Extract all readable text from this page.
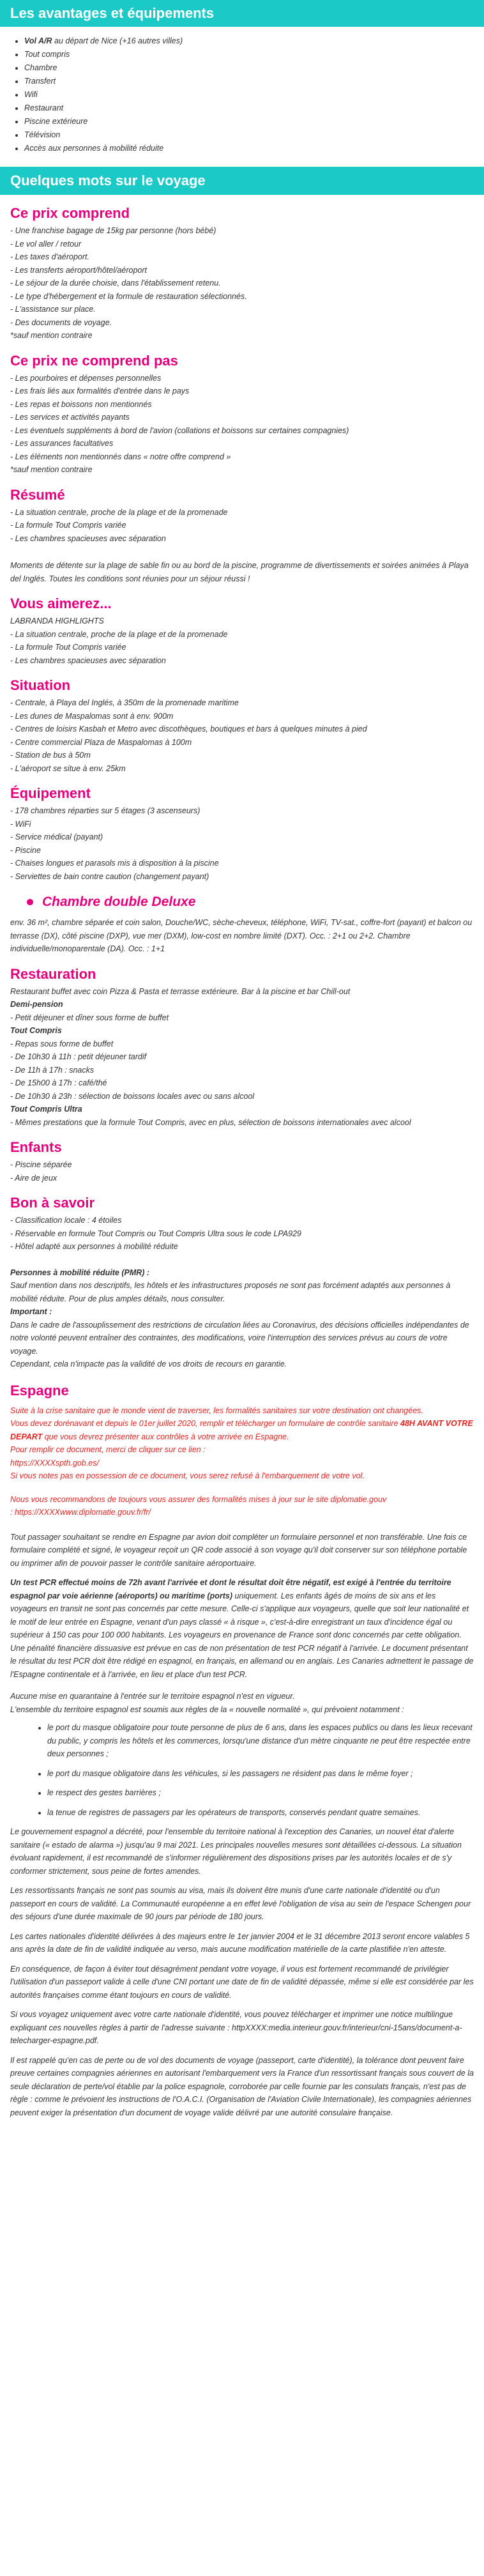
Les avantages et équipements
• Vol A/R au départ de Nice (+16 autres villes)
• Tout compris
• Chambre
• Transfert
• Wifi
• Restaurant
• Piscine extérieure
• Télévision
• Accès aux personnes à mobilité réduite
Quelques mots sur le voyage
Ce prix comprend

- Une franchise bagage de 15kg par personne (hors bébé)

- Le vol aller / retour

- Les taxes d'aéroport.

- Les transferts aéroport/hôtel/aéroport

- Le séjour de la durée choisie, dans l'établissement retenu.

- Le type d'hébergement et la formule de restauration sélectionnés.

- L'assistance sur place.

- Des documents de voyage.

*sauf mention contraire

Ce prix ne comprend pas

- Les pourboires et dépenses personnelles

- Les frais liés aux formalités d'entrée dans le pays

- Les repas et boissons non mentionnés

- Les services et activités payants

- Les éventuels suppléments à bord de l'avion (collations et boissons sur certaines compagnies)

- Les assurances facultatives

- Les éléments non mentionnés dans « notre offre comprend »

*sauf mention contraire

Résumé

- La situation centrale, proche de la plage et de la promenade

- La formule Tout Compris variée

- Les chambres spacieuses avec séparation

Moments de détente sur la plage de sable fin ou au bord de la piscine, programme de divertissements et soirées animées à Playa del Inglés. Toutes les conditions sont réunies pour un séjour réussi !

Vous aimerez...

LABRANDA HIGHLIGHTS

- La situation centrale, proche de la plage et de la promenade

- La formule Tout Compris variée

- Les chambres spacieuses avec séparation

Situation

- Centrale, à Playa del Inglés, à 350m de la promenade maritime

- Les dunes de Maspalomas sont à env. 900m

- Centres de loisirs Kasbah et Metro avec discothèques, boutiques et bars à quelques minutes à pied

- Centre commercial Plaza de Maspalomas à 100m

- Station de bus à 50m

- L'aéroport se situe à env. 25km

Équipement

- 178 chambres réparties sur 5 étages (3 ascenseurs)

- WiFi

- Service médical (payant)

- Piscine

- Chaises longues et parasols mis à disposition à la piscine

- Serviettes de bain contre caution (changement payant)

Chambre double Deluxe

env. 36 m², chambre séparée et coin salon, Douche/WC, sèche-cheveux, téléphone, WiFi, TV-sat., coffre-fort (payant) et balcon ou terrasse (DX), côté piscine (DXP), vue mer (DXM), low-cost en nombre limité (DXT). Occ. : 2+1 ou 2+2. Chambre individuelle/monoparentale (DA). Occ. : 1+1

Restauration

Restaurant buffet avec coin Pizza & Pasta et terrasse extérieure. Bar à la piscine et bar Chill-out

Demi-pension

- Petit déjeuner et dîner sous forme de buffet

Tout Compris

- Repas sous forme de buffet

- De 10h30 à 11h : petit déjeuner tardif

- De 11h à 17h : snacks

- De 15h00 à 17h : café/thé

- De 10h30 à 23h : sélection de boissons locales avec ou sans alcool

Tout Compris Ultra

- Mêmes prestations que la formule Tout Compris, avec en plus, sélection de boissons internationales avec alcool

Enfants

- Piscine séparée

- Aire de jeux

Bon à savoir

- Classification locale : 4 étoiles

- Réservable en formule Tout Compris ou Tout Compris Ultra sous le code LPA929

- Hôtel adapté aux personnes à mobilité réduite

Personnes à mobilité réduite (PMR) :

Sauf mention dans nos descriptifs, les hôtels et les infrastructures proposés ne sont pas forcément adaptés aux personnes à mobilité réduite. Pour de plus amples détails, nous consulter.

Important :

Dans le cadre de l'assouplissement des restrictions de circulation liées au Coronavirus, des décisions officielles indépendantes de notre volonté peuvent entraîner des contraintes, des modifications, voire l'interruption des services prévus au cours de votre voyage.

Cependant, cela n'impacte pas la validité de vos droits de recours en garantie.

Espagne

Suite à la crise sanitaire que le monde vient de traverser, les formalités sanitaires sur votre destination ont changées.

Vous devez dorénavant et depuis le 01er juillet 2020, remplir et télécharger un formulaire de contrôle sanitaire 48H AVANT VOTRE DEPART que vous devrez présenter aux contrôles à votre arrivée en Espagne.

Pour remplir ce document, merci de cliquer sur ce lien :

https://XXXXspth.gob.es/

Si vous notes pas en possession de ce document, vous serez refusé à l'embarquement de votre vol.

Nous vous recommandons de toujours vous assurer des formalités mises à jour sur le site diplomatie.gouv

: https://XXXXwww.diplomatie.gouv.fr/fr/

Tout passager souhaitant se rendre en Espagne par avion doit compléter un formulaire personnel et non transférable. Une fois ce formulaire complété et signé, le voyageur reçoit un QR code associé à son voyage qu'il doit conserver sur son téléphone portable ou imprimer afin de pouvoir passer le contrôle sanitaire aéroportuaire.

Un test PCR effectué moins de 72h avant l'arrivée et dont le résultat doit être négatif, est exigé à l'entrée du territoire espagnol par voie aérienne (aéroports) ou maritime (ports) uniquement. Les enfants âgés de moins de six ans et les voyageurs en transit ne sont pas concernés par cette mesure. Celle-ci s'applique aux voyageurs, quelle que soit leur nationalité et le motif de leur entrée en Espagne, venant d'un pays classé « à risque », c'est-à-dire enregistrant un taux d'incidence égal ou supérieur à 150 cas pour 100 000 habitants. Les voyageurs en provenance de France sont donc concernés par cette obligation. Une pénalité financière dissuasive est prévue en cas de non présentation de test PCR négatif à l'arrivée. Le document présentant le résultat du test PCR doit être rédigé en espagnol, en français, en allemand ou en anglais. Les Canaries admettent le passage de l'Espagne continentale et à l'arrivée, en lieu et place d'un test PCR.

Aucune mise en quarantaine à l'entrée sur le territoire espagnol n'est en vigueur.

L'ensemble du territoire espagnol est soumis aux règles de la « nouvelle normalité », qui prévoient notamment :

• le port du masque obligatoire pour toute personne de plus de 6 ans, dans les espaces publics ou dans les lieux recevant du public, y compris les hôtels et les commerces, lorsqu'une distance d'un mètre cinquante ne peut être respectée entre deux personnes ;
• le port du masque obligatoire dans les véhicules, si les passagers ne résident pas dans le même foyer ;
• le respect des gestes barrières ;
• la tenue de registres de passagers par les opérateurs de transports, conservés pendant quatre semaines.

Le gouvernement espagnol a décrété, pour l'ensemble du territoire national à l'exception des Canaries, un nouvel état d'alerte sanitaire (« estado de alarma ») jusqu'au 9 mai 2021. Les principales nouvelles mesures sont détaillées ci-dessous. La situation évoluant rapidement, il est recommandé de s'informer régulièrement des dispositions prises par les autorités locales et de s'y conformer strictement, sous peine de fortes amendes.

Les ressortissants français ne sont pas soumis au visa, mais ils doivent être munis d'une carte nationale d'identité ou d'un passeport en cours de validité. La Communauté européenne a en effet levé l'obligation de visa au sein de l'espace Schengen pour des séjours d'une durée maximale de 90 jours par période de 180 jours.

Les cartes nationales d'identité délivrées à des majeurs entre le 1er janvier 2004 et le 31 décembre 2013 seront encore valables 5 ans après la date de fin de validité indiquée au verso, mais aucune modification matérielle de la carte plastifiée n'en atteste.

En conséquence, de façon à éviter tout désagrément pendant votre voyage, il vous est fortement recommandé de privilégier l'utilisation d'un passeport valide à celle d'une CNI portant une date de fin de validité dépassée, même si elle est considérée par les autorités françaises comme étant toujours en cours de validité.

Si vous voyagez uniquement avec votre carte nationale d'identité, vous pouvez télécharger et imprimer une notice multilingue expliquant ces nouvelles règles à partir de l'adresse suivante : httpXXXX:media.interieur.gouv.fr/interieur/cni-15ans/document-a-telecharger-espagne.pdf.

Il est rappelé qu'en cas de perte ou de vol des documents de voyage (passeport, carte d'identité), la tolérance dont peuvent faire preuve certaines compagnies aériennes en autorisant l'embarquement vers la France d'un ressortissant français sous couvert de la seule déclaration de perte/vol établie par la police espagnole, corroborée par celle fournie par les consulats français, n'est pas de règle : comme le prévoient les instructions de l'O.A.C.I. (Organisation de l'Aviation Civile Internationale), les compagnies aériennes peuvent exiger la présentation d'un document de voyage valide délivré par une autorité consulaire française.
